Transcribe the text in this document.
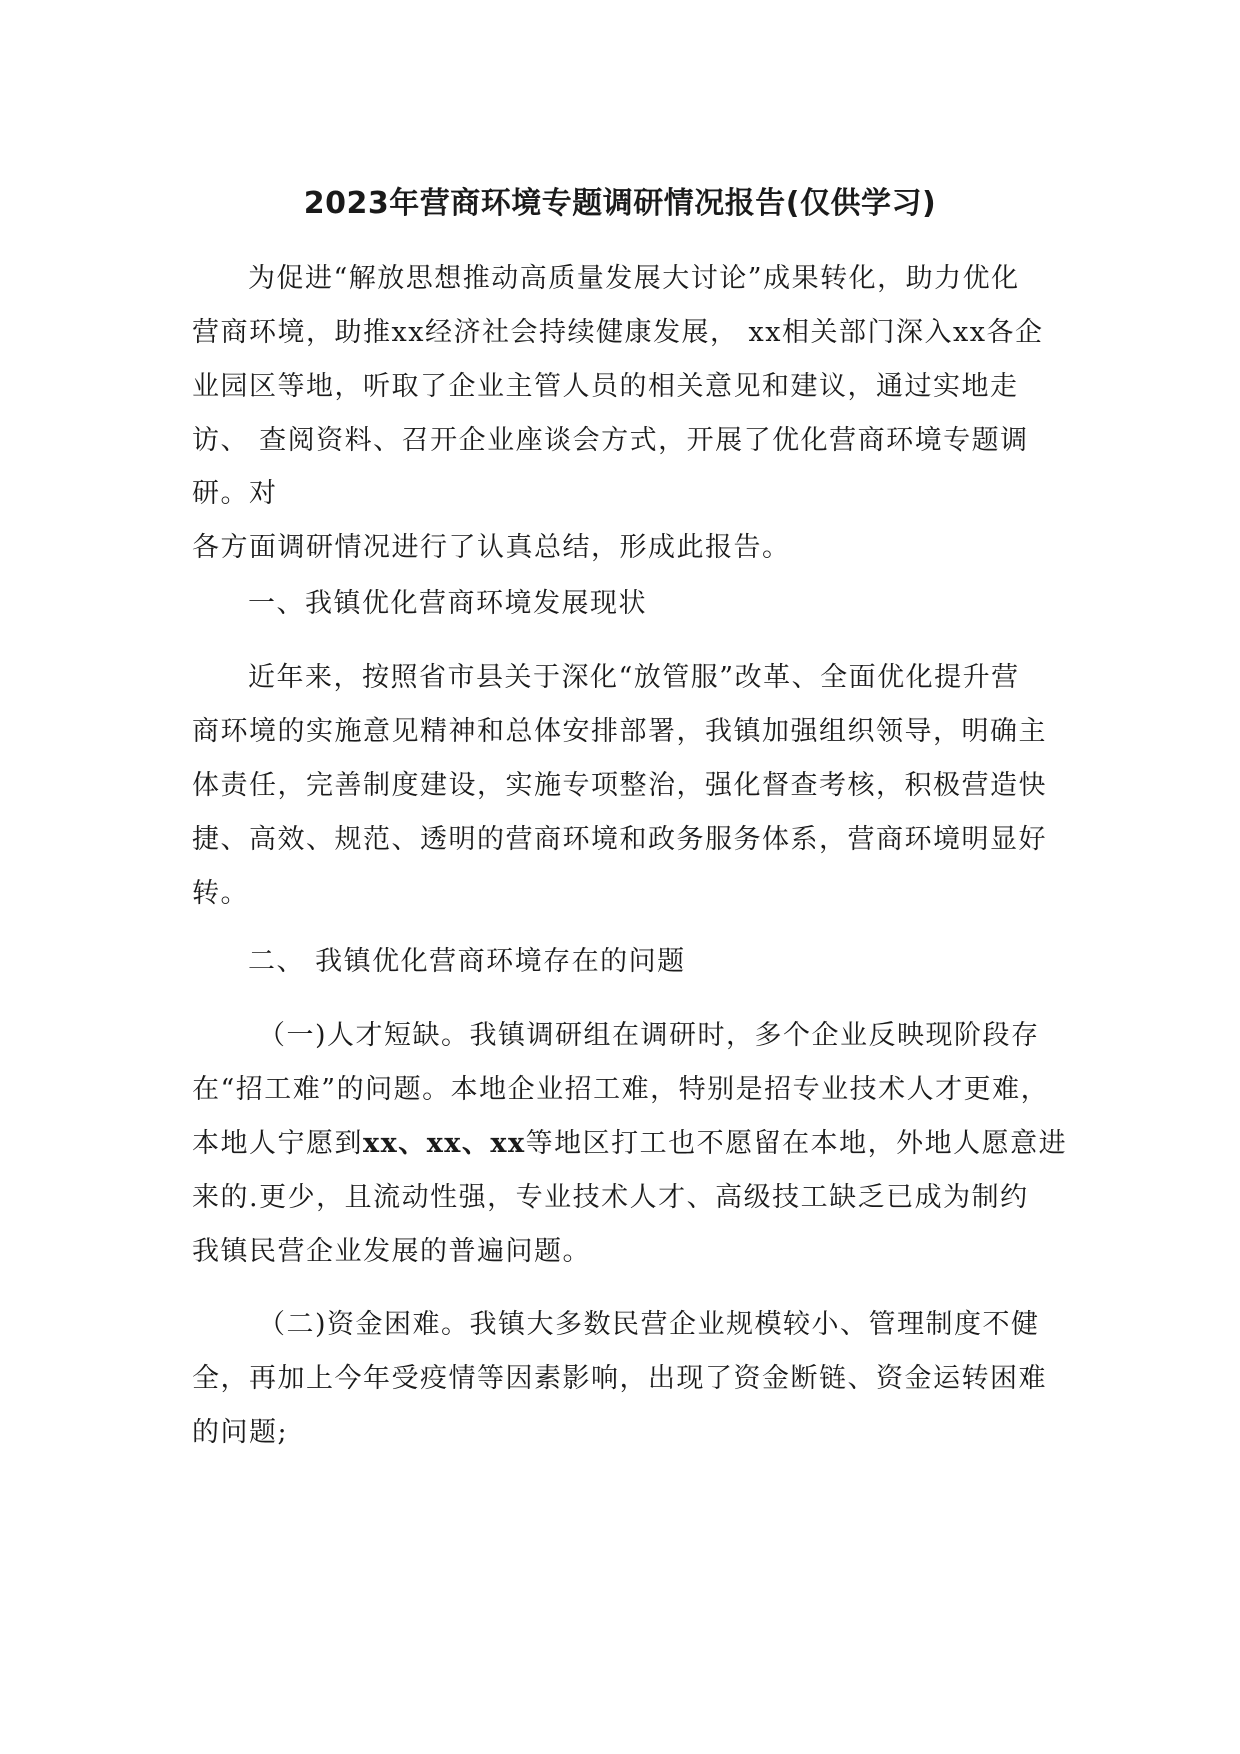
2023年营商环境专题调研情况报告(仅供学习)
为促进“解放思想推动高质量发展大讨论”成果转化，助力优化
营商环境，助推xx经济社会持续健康发展， xx相关部门深入xx各企
业园区等地，听取了企业主管人员的相关意见和建议，通过实地走
访、 查阅资料、召开企业座谈会方式，开展了优化营商环境专题调
研。对
各方面调研情况进行了认真总结，形成此报告。
一、我镇优化营商环境发展现状
近年来，按照省市县关于深化“放管服”改革、全面优化提升营
商环境的实施意见精神和总体安排部署，我镇加强组织领导，明确主
体责任，完善制度建设，实施专项整治，强化督查考核，积极营造快
捷、高效、规范、透明的营商环境和政务服务体系，营商环境明显好
转。
二、 我镇优化营商环境存在的问题
（一)人才短缺。我镇调研组在调研时，多个企业反映现阶段存
在“招工难”的问题。本地企业招工难，特别是招专业技术人才更难，
本地人宁愿到xx、xx、xx等地区打工也不愿留在本地，外地人愿意进
来的.更少，且流动性强，专业技术人才、高级技工缺乏已成为制约
我镇民营企业发展的普遍问题。
（二)资金困难。我镇大多数民营企业规模较小、管理制度不健
全，再加上今年受疫情等因素影响，出现了资金断链、资金运转困难
的问题;
